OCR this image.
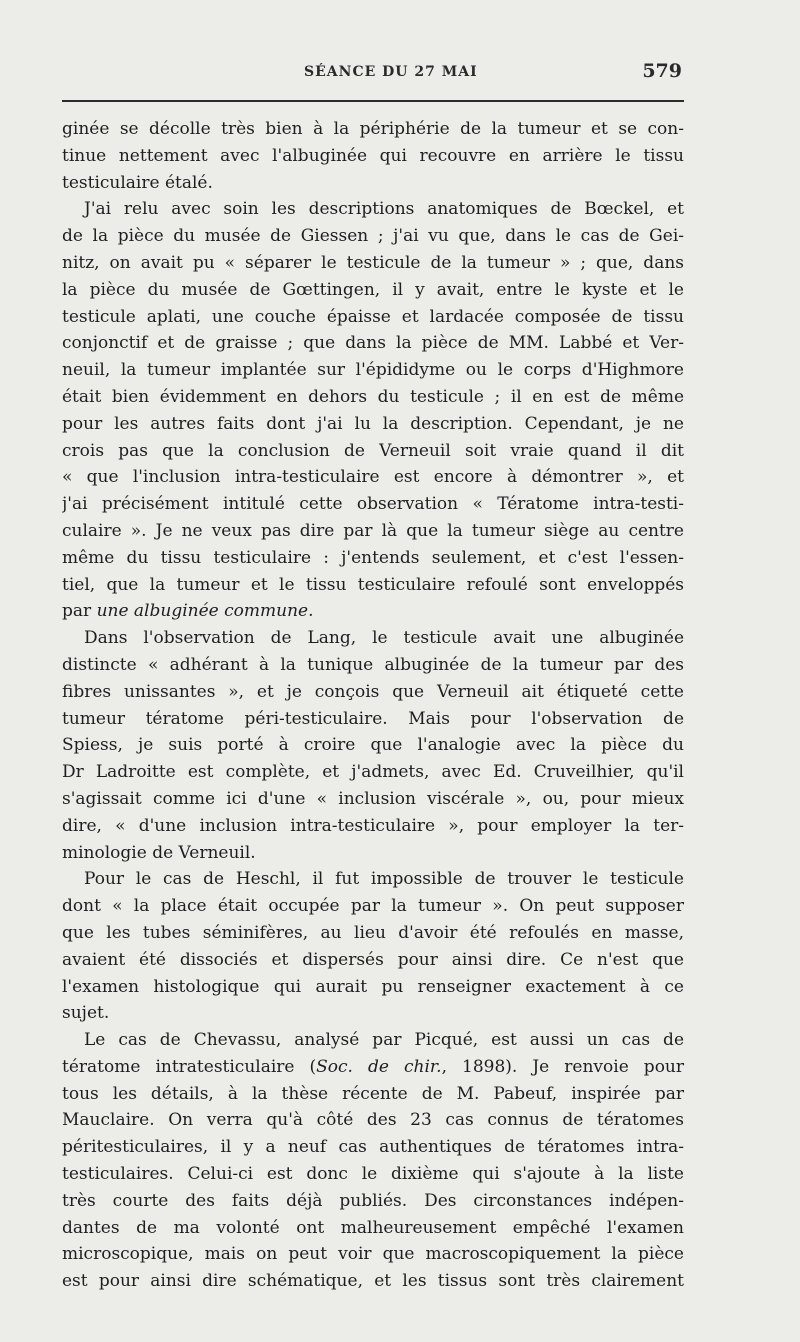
SÉANCE DU 27 MAI	579
ginée se décolle très bien à la périphérie de la tumeur et se con-
tinue nettement avec l'albuginée qui recouvre en arrière le tissu
testiculaire étalé.
J'ai relu avec soin les descriptions anatomiques de Bœckel, et
de la pièce du musée de Giessen ; j'ai vu que, dans le cas de Gei-
nitz, on avait pu « séparer le testicule de la tumeur » ; que, dans
la pièce du musée de Gœttingen, il y avait, entre le kyste et le
testicule aplati, une couche épaisse et lardacée composée de tissu
conjonctif et de graisse ; que dans la pièce de MM. Labbé et Ver-
neuil, la tumeur implantée sur l'épididyme ou le corps d'Highmore
était bien évidemment en dehors du testicule ; il en est de même
pour les autres faits dont j'ai lu la description. Cependant, je ne
crois pas que la conclusion de Verneuil soit vraie quand il dit
« que l'inclusion intra-testiculaire est encore à démontrer », et
j'ai précisément intitulé cette observation « Tératome intra-testi-
culaire ». Je ne veux pas dire par là que la tumeur siège au centre
même du tissu testiculaire : j'entends seulement, et c'est l'essen-
tiel, que la tumeur et le tissu testiculaire refoulé sont enveloppés
par une albuginée commune.
Dans l'observation de Lang, le testicule avait une albuginée
distincte « adhérant à la tunique albuginée de la tumeur par des
fibres unissantes », et je conçois que Verneuil ait étiqueté cette
tumeur tératome péri-testiculaire. Mais pour l'observation de
Spiess, je suis porté à croire que l'analogie avec la pièce du
Dr Ladroitte est complète, et j'admets, avec Ed. Cruveilhier, qu'il
s'agissait comme ici d'une « inclusion viscérale », ou, pour mieux
dire, « d'une inclusion intra-testiculaire », pour employer la ter-
minologie de Verneuil.
Pour le cas de Heschl, il fut impossible de trouver le testicule
dont « la place était occupée par la tumeur ». On peut supposer
que les tubes séminifères, au lieu d'avoir été refoulés en masse,
avaient été dissociés et dispersés pour ainsi dire. Ce n'est que
l'examen histologique qui aurait pu renseigner exactement à ce
sujet.
Le cas de Chevassu, analysé par Picqué, est aussi un cas de
tératome intratesticulaire (Soc. de chir., 1898). Je renvoie pour
tous les détails, à la thèse récente de M. Pabeuf, inspirée par
Mauclaire. On verra qu'à côté des 23 cas connus de tératomes
péritesticulaires, il y a neuf cas authentiques de tératomes intra-
testiculaires. Celui-ci est donc le dixième qui s'ajoute à la liste
très courte des faits déjà publiés. Des circonstances indépen-
dantes de ma volonté ont malheureusement empêché l'examen
microscopique, mais on peut voir que macroscopiquement la pièce
est pour ainsi dire schématique, et les tissus sont très clairement
